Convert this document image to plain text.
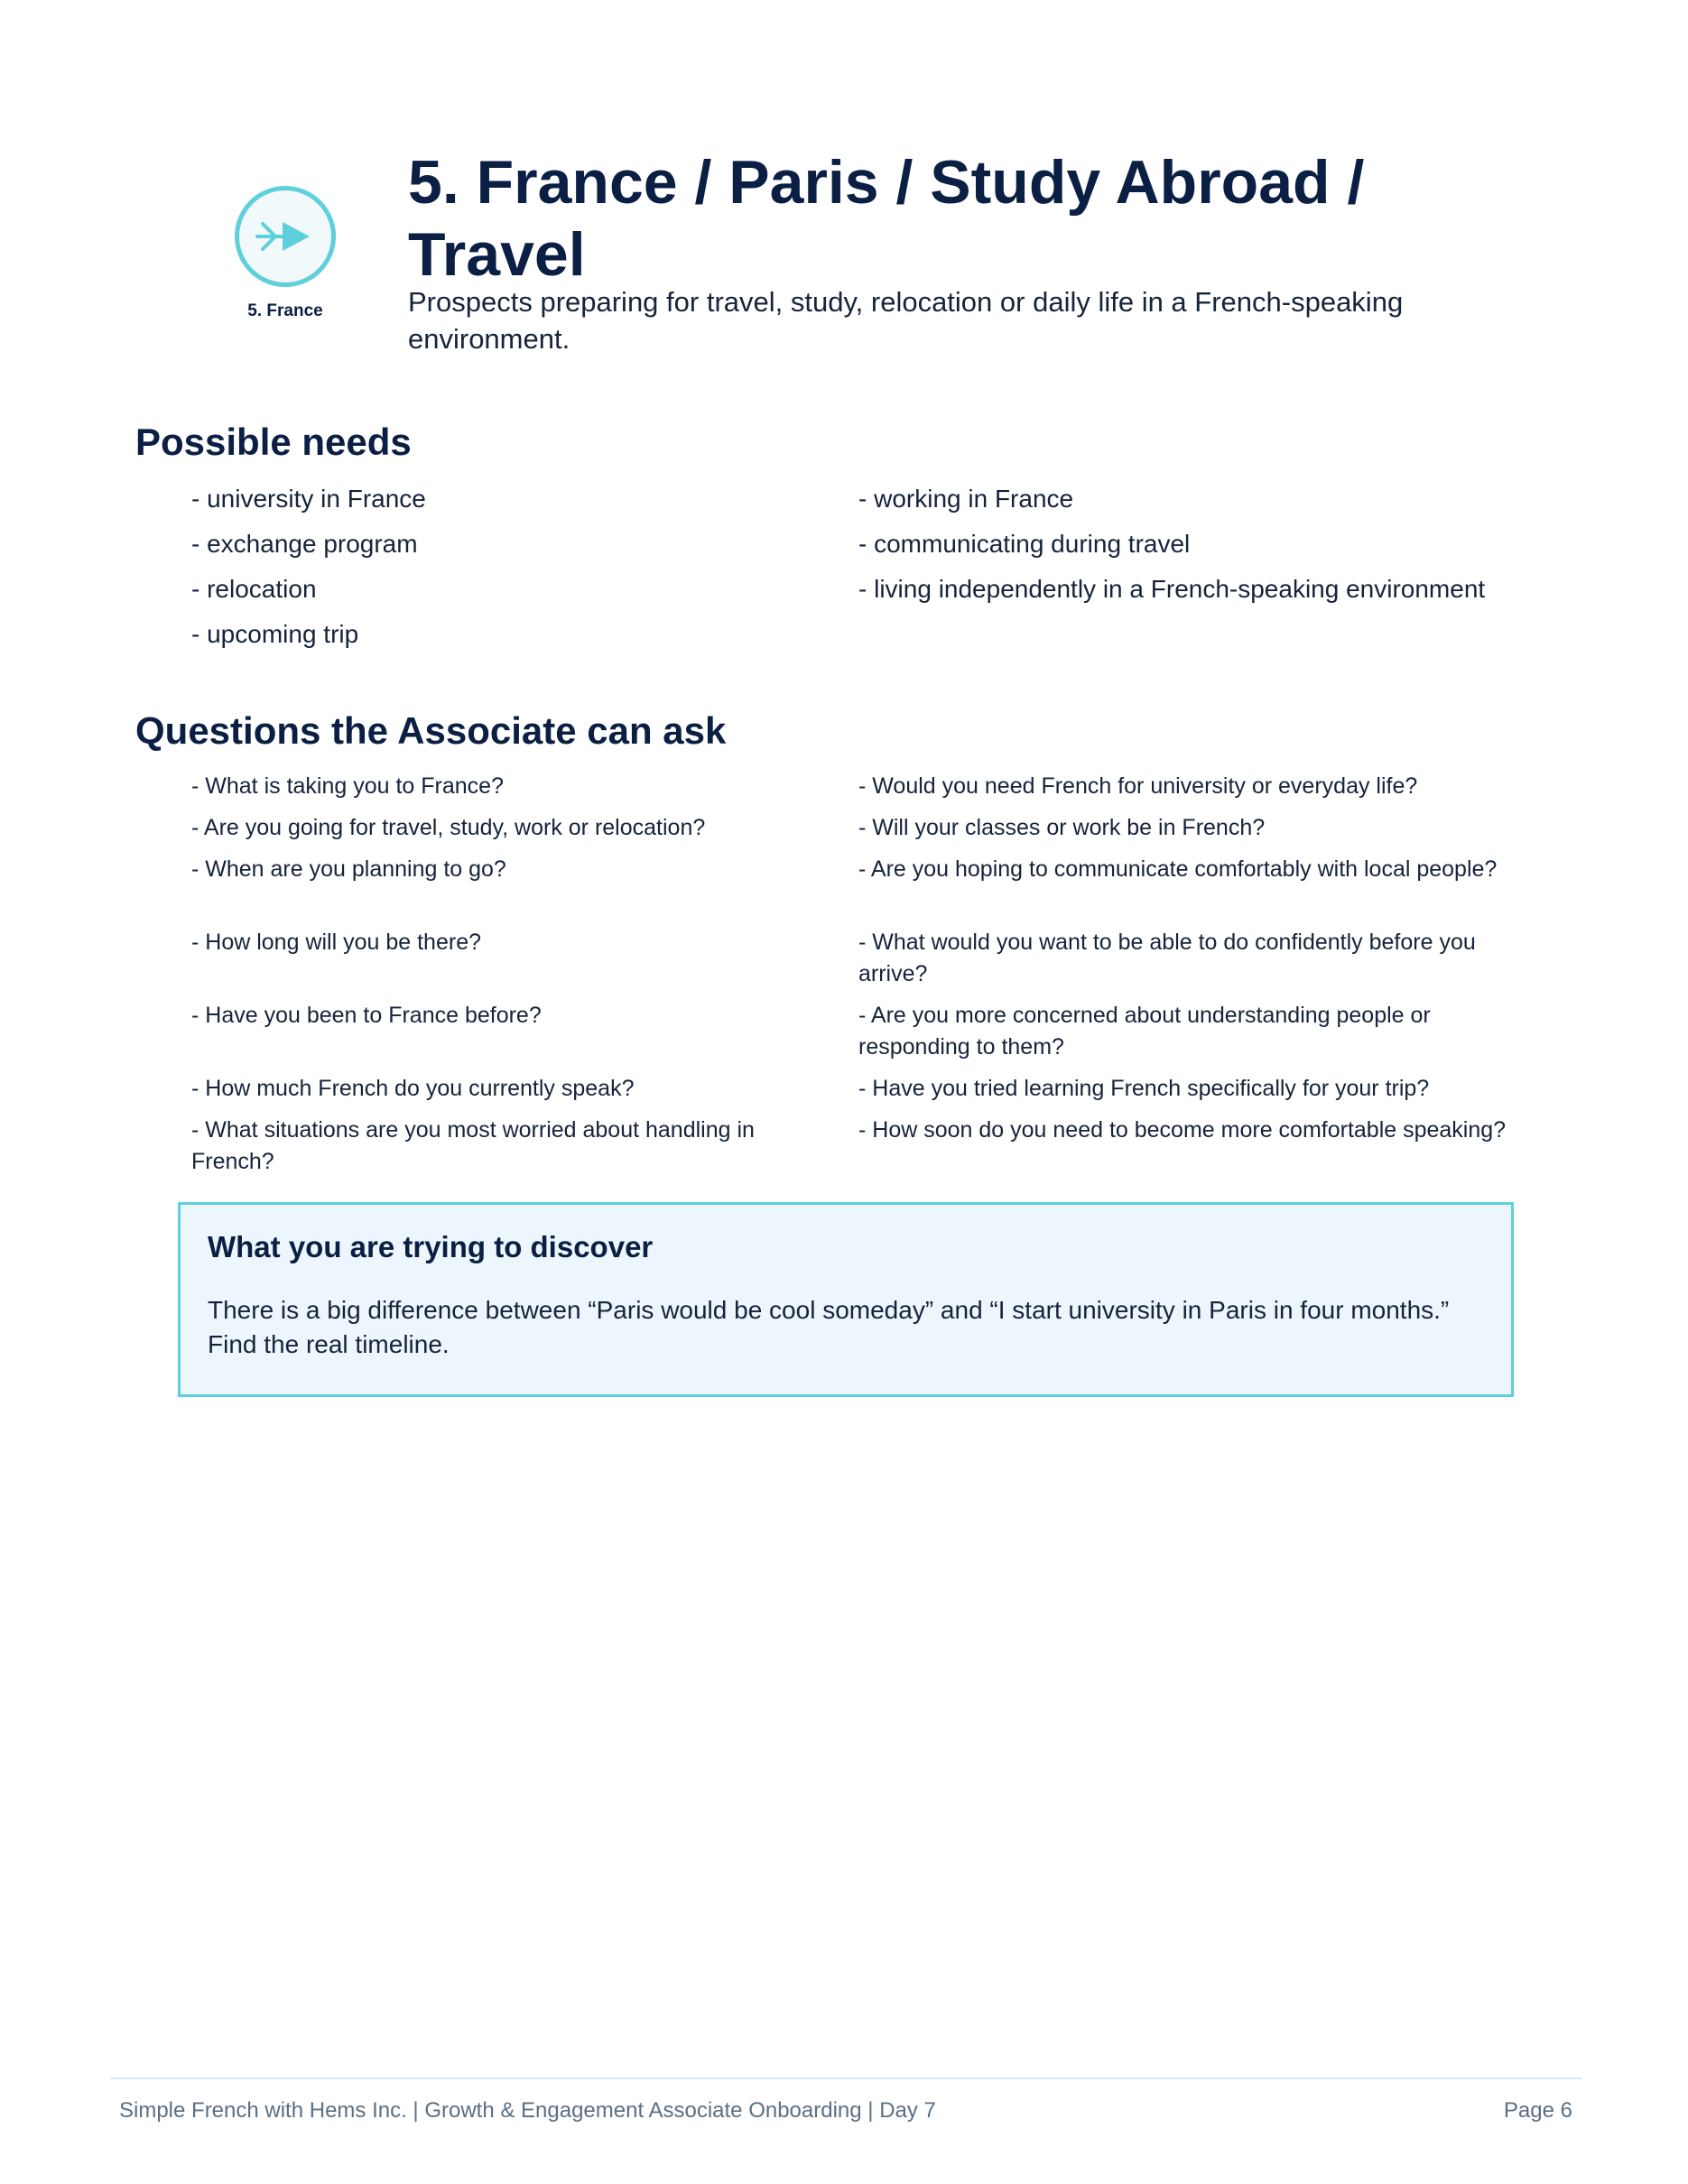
5. France
5. France / Paris / Study Abroad / Travel

Prospects preparing for travel, study, relocation or daily life in a French-speaking environment.

Possible needs
- university in France
- exchange program
- relocation
- upcoming trip
- working in France
- communicating during travel
- living independently in a French-speaking environment
Questions the Associate can ask
- What is taking you to France?
- Are you going for travel, study, work or relocation?
- When are you planning to go?
- How long will you be there?
- Have you been to France before?
- How much French do you currently speak?
- What situations are you most worried about handling in French?
- Would you need French for university or everyday life?
- Will your classes or work be in French?
- Are you hoping to communicate comfortably with local people?
- What would you want to be able to do confidently before you arrive?
- Are you more concerned about understanding people or responding to them?
- Have you tried learning French specifically for your trip?
- How soon do you need to become more comfortable speaking?
What you are trying to discover

There is a big difference between “Paris would be cool someday” and “I start university in Paris in four months.” Find the real timeline.

Simple French with Hems Inc. | Growth & Engagement Associate Onboarding | Day 7	Page 6
